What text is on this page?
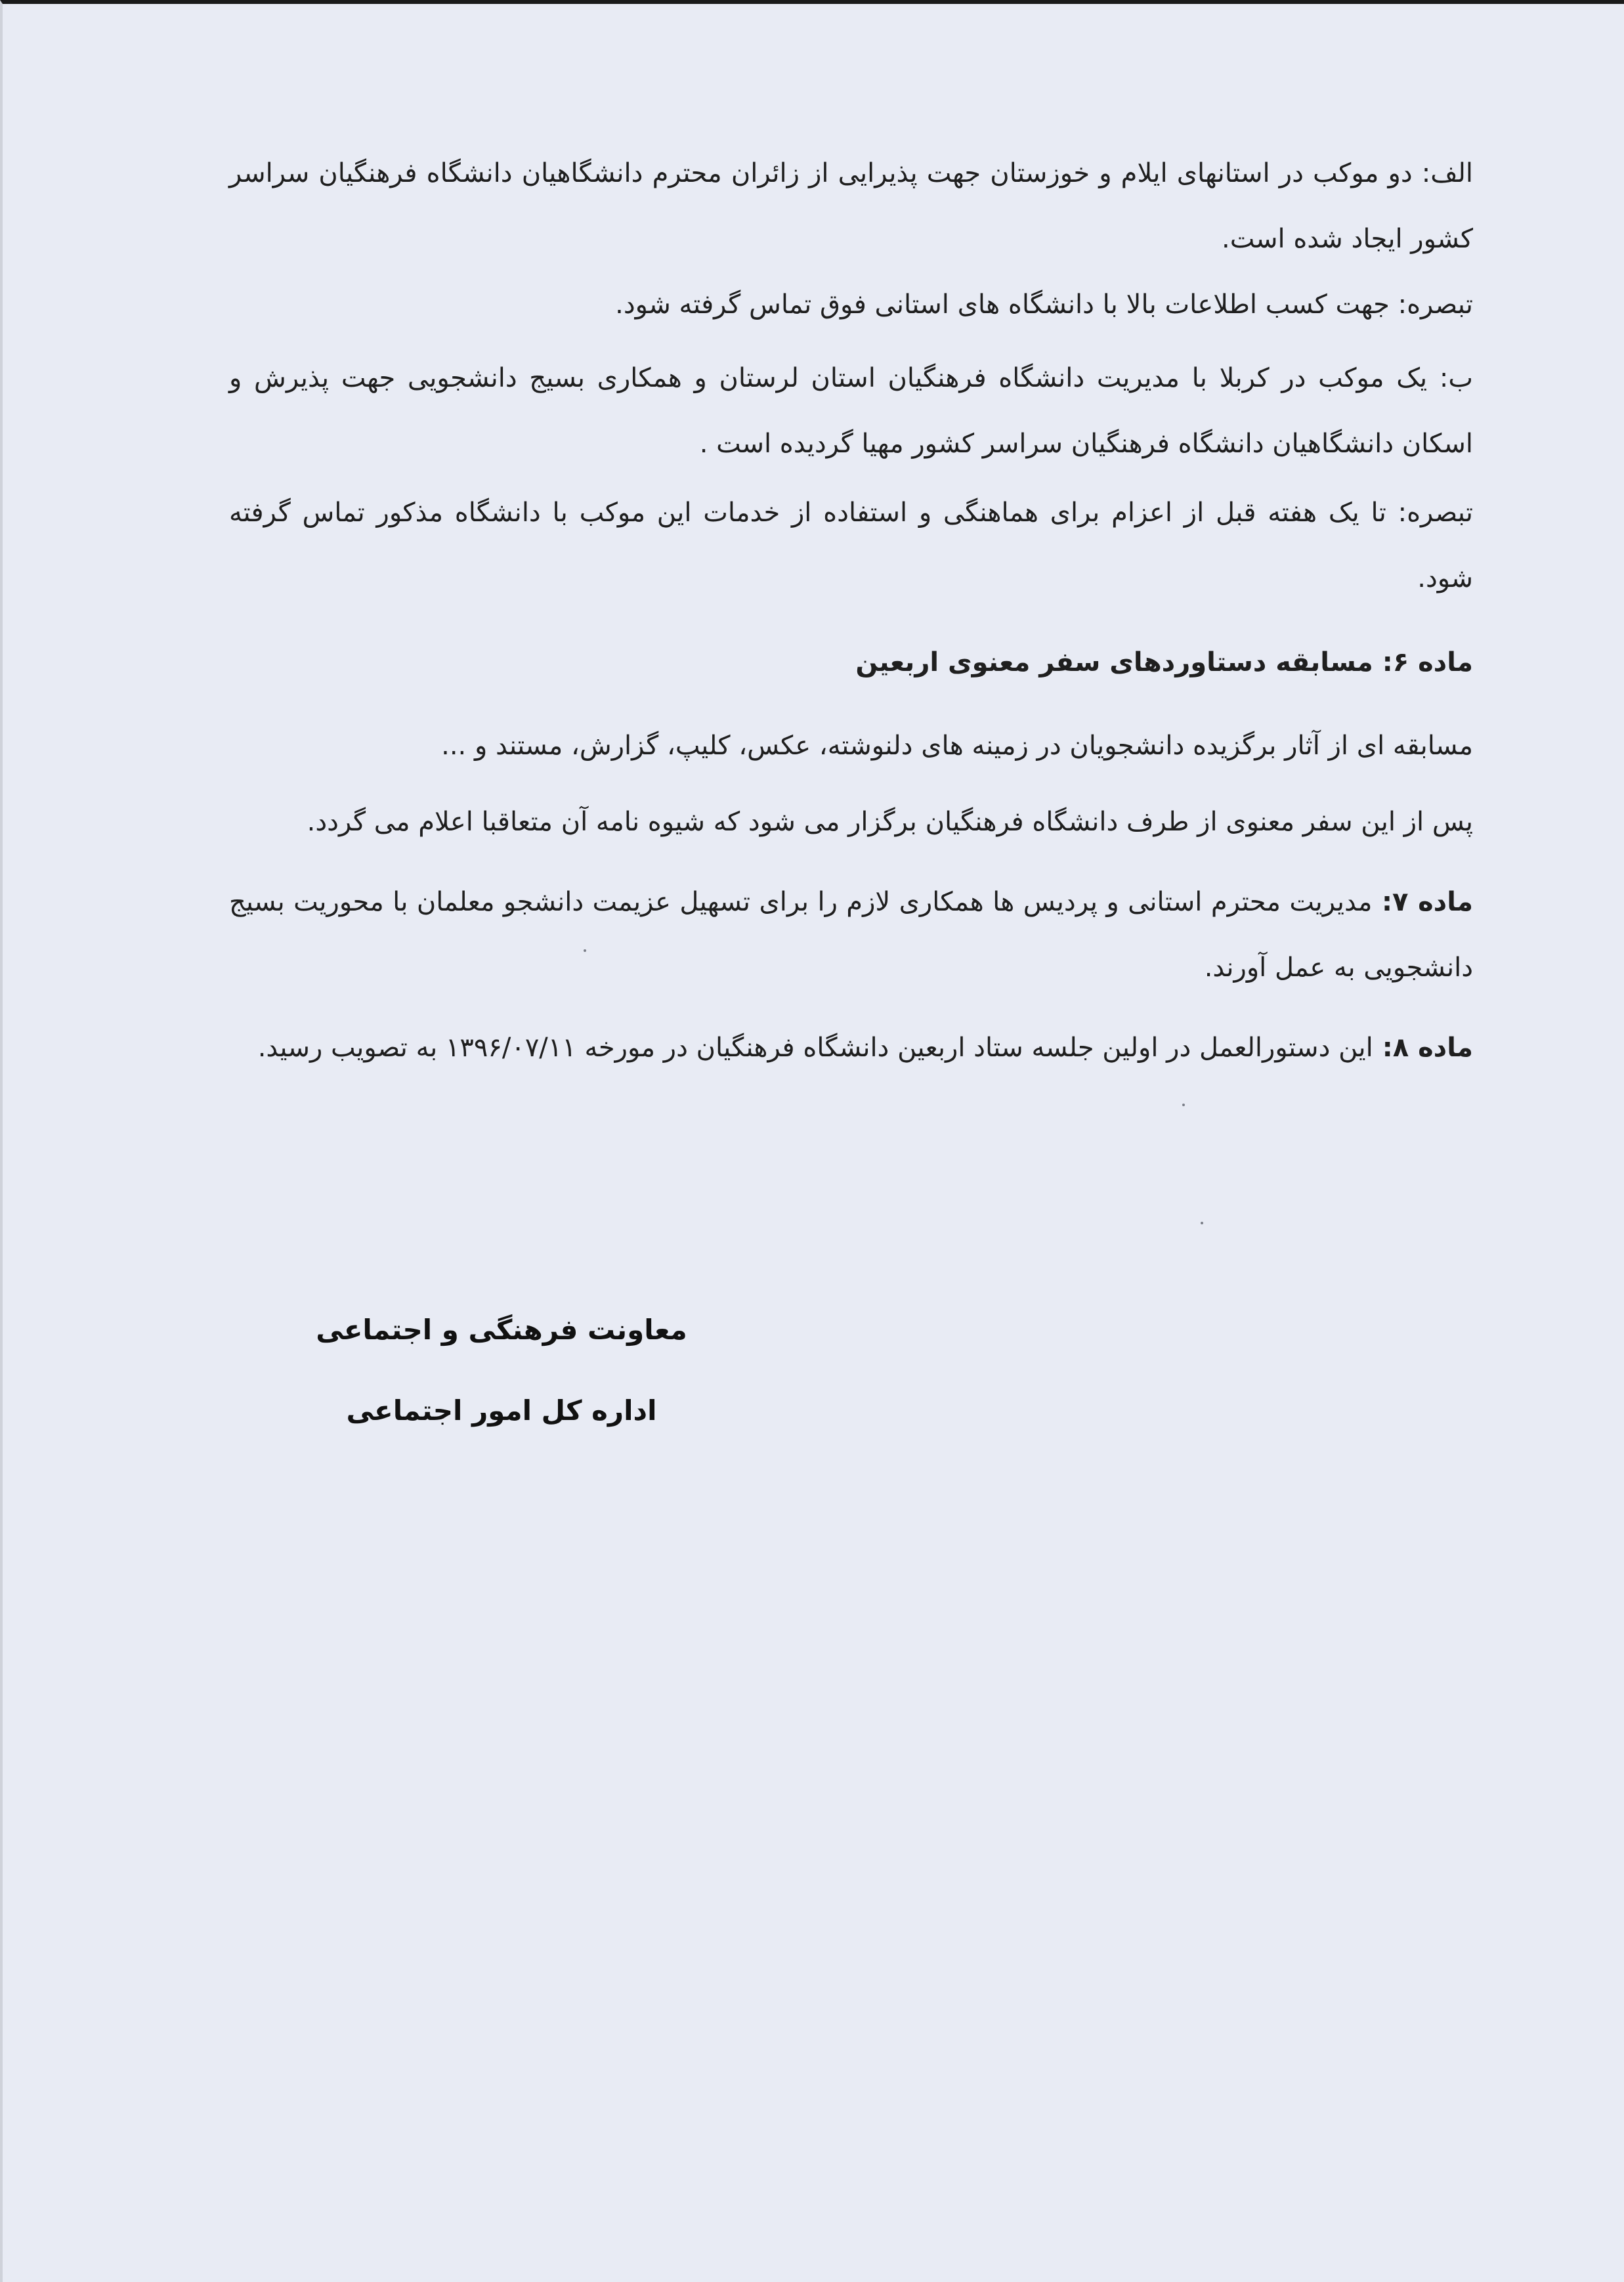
الف: دو موکب در استانهای ایلام و خوزستان جهت پذیرایی از زائران محترم دانشگاهیان دانشگاه فرهنگیان سراسر کشور ایجاد شده است.

تبصره: جهت کسب اطلاعات بالا با دانشگاه های استانی فوق تماس گرفته شود.

ب: یک موکب در کربلا با مدیریت دانشگاه فرهنگیان استان لرستان و همکاری بسیج دانشجویی جهت پذیرش و اسکان دانشگاهیان دانشگاه فرهنگیان سراسر کشور مهیا گردیده است .

تبصره: تا یک هفته قبل از اعزام برای هماهنگی و استفاده از خدمات این موکب با دانشگاه مذکور تماس گرفته شود.

ماده ۶: مسابقه دستاوردهای سفر معنوی اربعین

مسابقه ای از آثار برگزیده دانشجویان در زمینه های دلنوشته، عکس، کلیپ، گزارش، مستند و ...

پس از این سفر معنوی از طرف دانشگاه فرهنگیان برگزار می شود که شیوه نامه آن متعاقبا اعلام می گردد.

ماده ۷: مدیریت محترم استانی و پردیس ها همکاری لازم را برای تسهیل عزیمت دانشجو معلمان با محوریت بسیج دانشجویی به عمل آورند.

ماده ۸: این دستورالعمل در اولین جلسه ستاد اربعین دانشگاه فرهنگیان در مورخه ۱۳۹۶/۰۷/۱۱ به تصویب رسید.

معاونت فرهنگی و اجتماعی
اداره کل امور اجتماعی
